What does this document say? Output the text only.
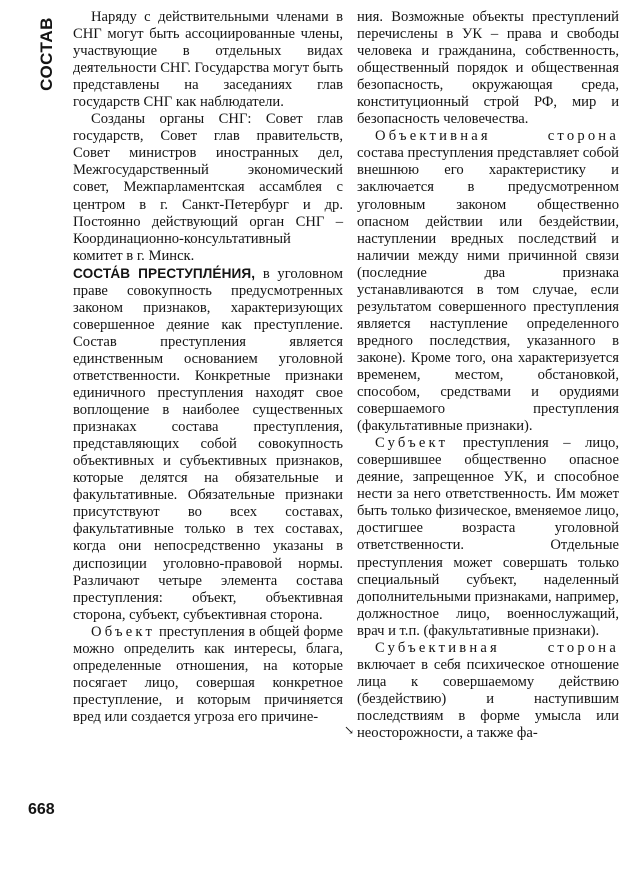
СОСТАВ
668

Наряду с действительными членами в СНГ могут быть ассоциированные члены, участвующие в отдельных видах деятельности СНГ. Государства могут быть представлены на заседаниях глав государств СНГ как наблюдатели.

Созданы органы СНГ: Совет глав государств, Совет глав правительств, Совет министров иностранных дел, Межгосударственный экономический совет, Межпарламентская ассамблея с центром в г. Санкт-Петербург и др. Постоянно действующий орган СНГ – Координационно-консультативный комитет в г. Минск.

СОСТА́В ПРЕСТУПЛЕ́НИЯ, в уголовном праве совокупность предусмотренных законом признаков, характеризующих совершенное деяние как преступление. Состав преступления является единственным основанием уголовной ответственности. Конкретные признаки единичного преступления находят свое воплощение в наиболее существенных признаках состава преступления, представляющих собой совокупность объективных и субъективных признаков, которые делятся на обязательные и факультативные. Обязательные признаки присутствуют во всех составах, факультативные только в тех составах, когда они непосредственно указаны в диспозиции уголовно-правовой нормы. Различают четыре элемента состава преступления: объект, объективная сторона, субъект, субъективная сторона.

Объект преступления в общей форме можно определить как интересы, блага, определенные отношения, на которые посягает лицо, совершая конкретное преступление, и которым причиняется вред или создается угроза его причине-

ния. Возможные объекты преступлений перечислены в УК – права и свободы человека и гражданина, собственность, общественный порядок и общественная безопасность, окружающая среда, конституционный строй РФ, мир и безопасность человечества.

Объективная сторона состава преступления представляет собой внешнюю его характеристику и заключается в предусмотренном уголовным законом общественно опасном действии или бездействии, наступлении вредных последствий и наличии между ними причинной связи (последние два признака устанавливаются в том случае, если результатом совершенного преступления является наступление определенного вредного последствия, указанного в законе). Кроме того, она характеризуется временем, местом, обстановкой, способом, средствами и орудиями совершаемого преступления (факультативные признаки).

Субъект преступления – лицо, совершившее общественно опасное деяние, запрещенное УК, и способное нести за него ответственность. Им может быть только физическое, вменяемое лицо, достигшее возраста уголовной ответственности. Отдельные преступления может совершать только специальный субъект, наделенный дополнительными признаками, например, должностное лицо, военнослужащий, врач и т.п. (факультативные признаки).

Субъективная сторона включает в себя психическое отношение лица к совершаемому действию (бездействию) и наступившим последствиям в форме умысла или неосторожности, а также фа-

↘
